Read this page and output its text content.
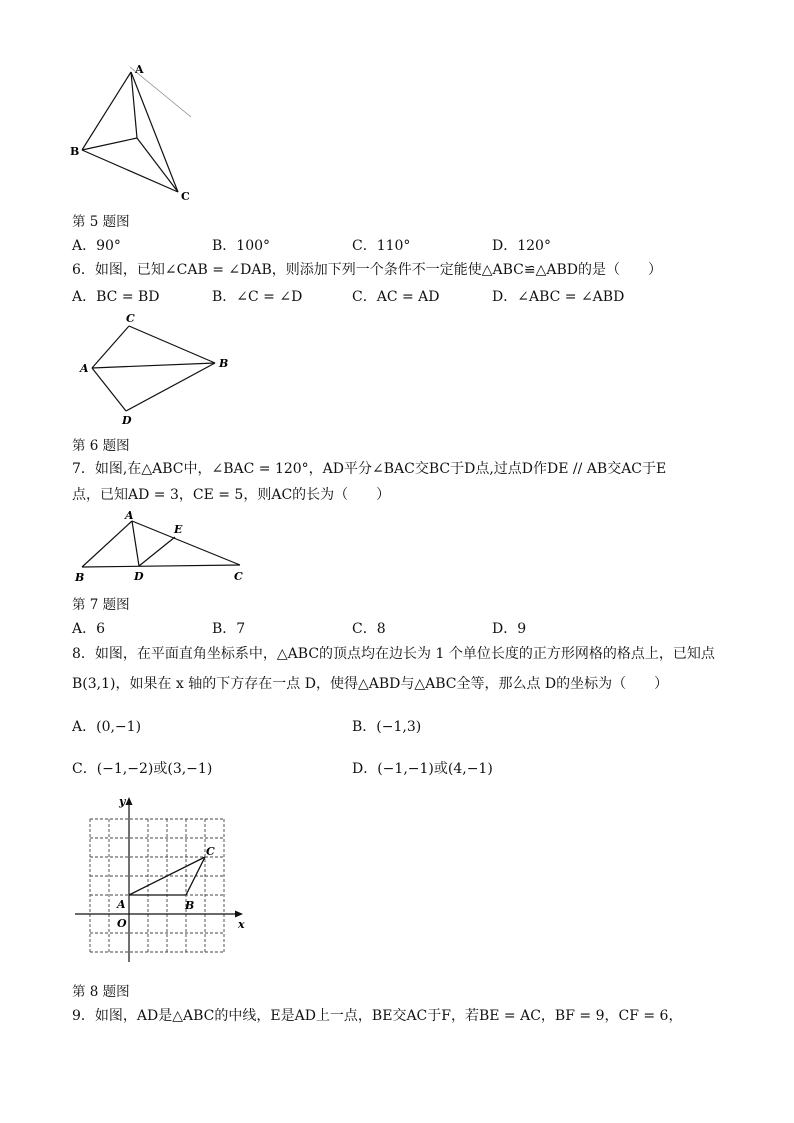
A
B
C
第 5 题图
A．90°	B．100°	C．110°	D．120°
6．如图，已知∠CAB = ∠DAB，则添加下列一个条件不一定能使△ABC≌△ABD的是（　　）
A．BC = BD	B．∠C = ∠D	C．AC = AD	D．∠ABC = ∠ABD
C
A	B
D
第 6 题图
7．如图,在△ABC中，∠BAC = 120°，AD平分∠BAC交BC于D点,过点D作DE // AB交AC于E
点，已知AD = 3，CE = 5，则AC的长为（　　）
A
E
B	D	C
第 7 题图
A．6	B．7	C．8	D．9
8．如图，在平面直角坐标系中，△ABC的顶点均在边长为 1 个单位长度的正方形网格的格点上，已知点
B(3,1)，如果在 x 轴的下方存在一点 D，使得△ABD与△ABC全等，那么点 D的坐标为（　　）
A．(0,−1)	B．(−1,3)
C．(−1,−2)或(3,−1)	D．(−1,−1)或(4,−1)
y
x
O
A	B
C
第 8 题图
9．如图，AD是△ABC的中线，E是AD上一点，BE交AC于F，若BE = AC，BF = 9，CF = 6，
